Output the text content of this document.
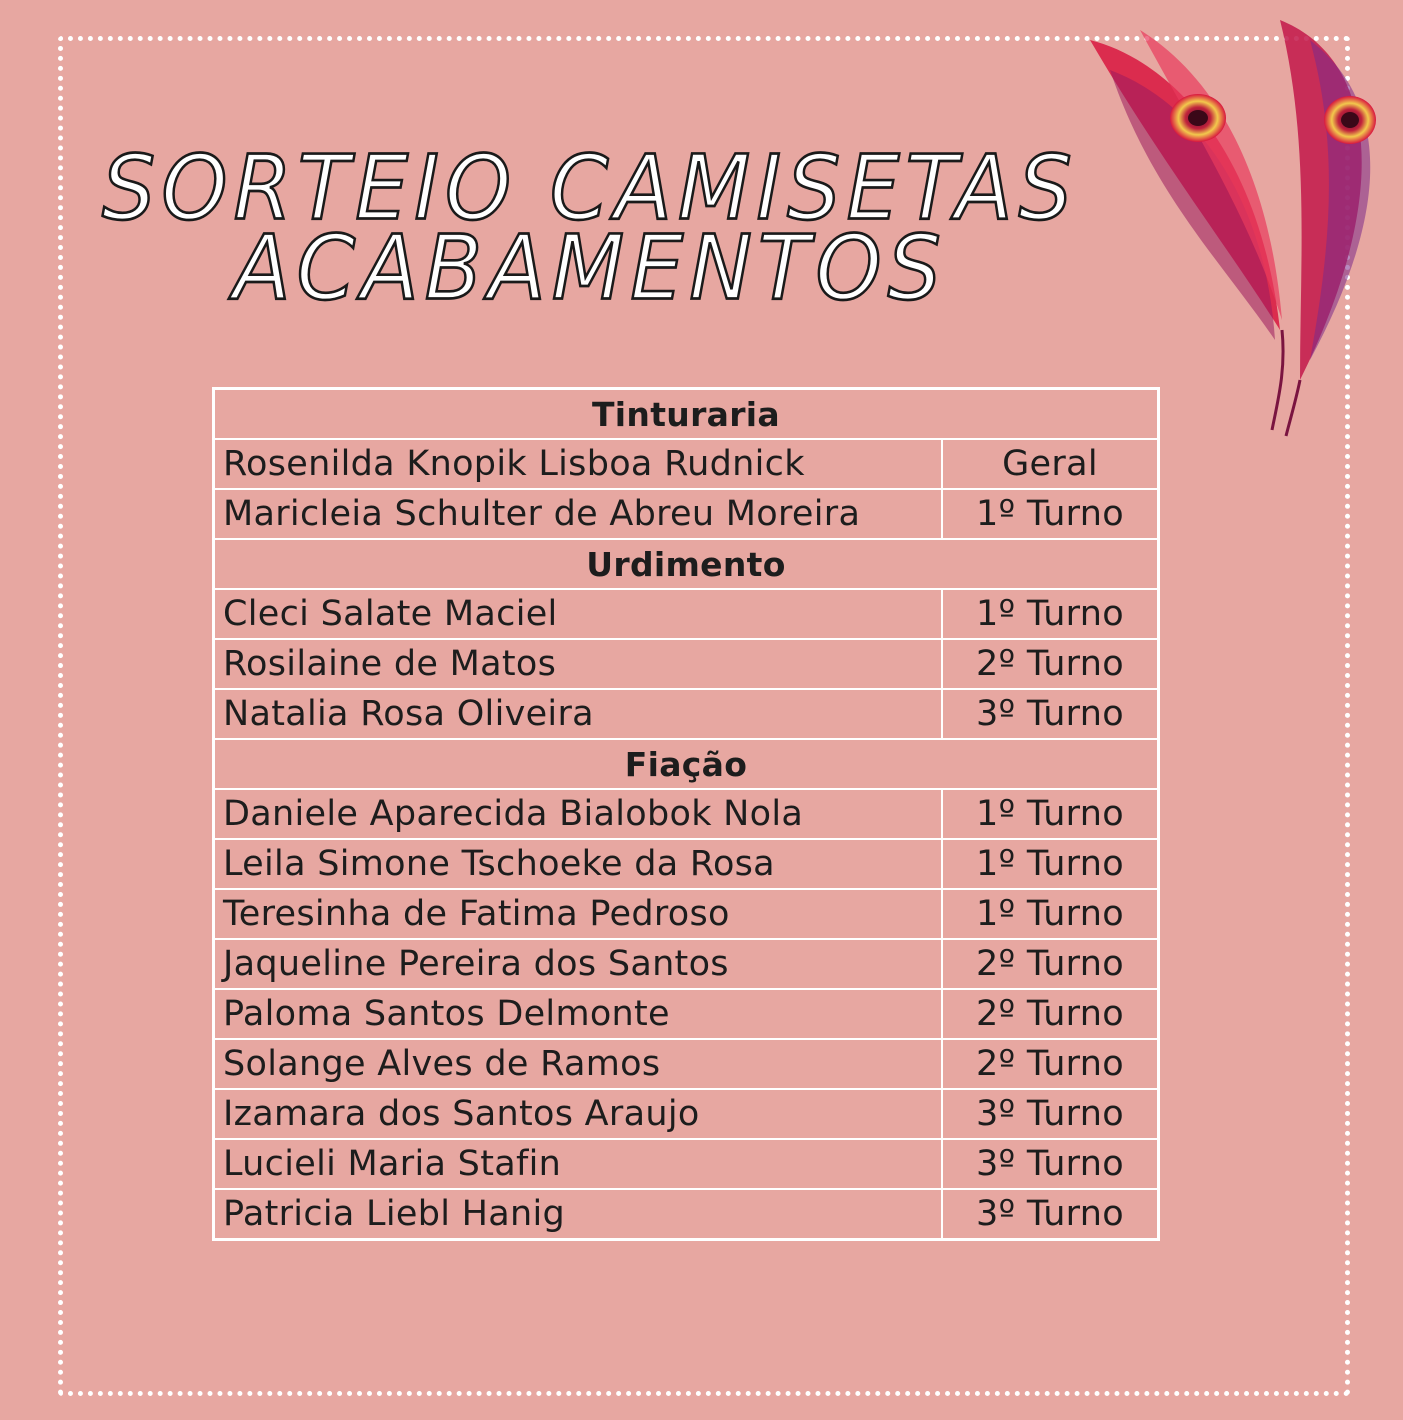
SORTEIO CAMISETAS
ACABAMENTOS
Tinturaria	
Rosenilda Knopik Lisboa Rudnick	Geral
Maricleia Schulter de Abreu Moreira	1º Turno
Urdimento	
Cleci Salate Maciel	1º Turno
Rosilaine de Matos	2º Turno
Natalia Rosa Oliveira	3º Turno
Fiação	
Daniele Aparecida Bialobok Nola	1º Turno
Leila Simone Tschoeke da Rosa	1º Turno
Teresinha de Fatima Pedroso	1º Turno
Jaqueline Pereira dos Santos	2º Turno
Paloma Santos Delmonte	2º Turno
Solange Alves de Ramos	2º Turno
Izamara dos Santos Araujo	3º Turno
Lucieli Maria Stafin	3º Turno
Patricia Liebl Hanig	3º Turno
